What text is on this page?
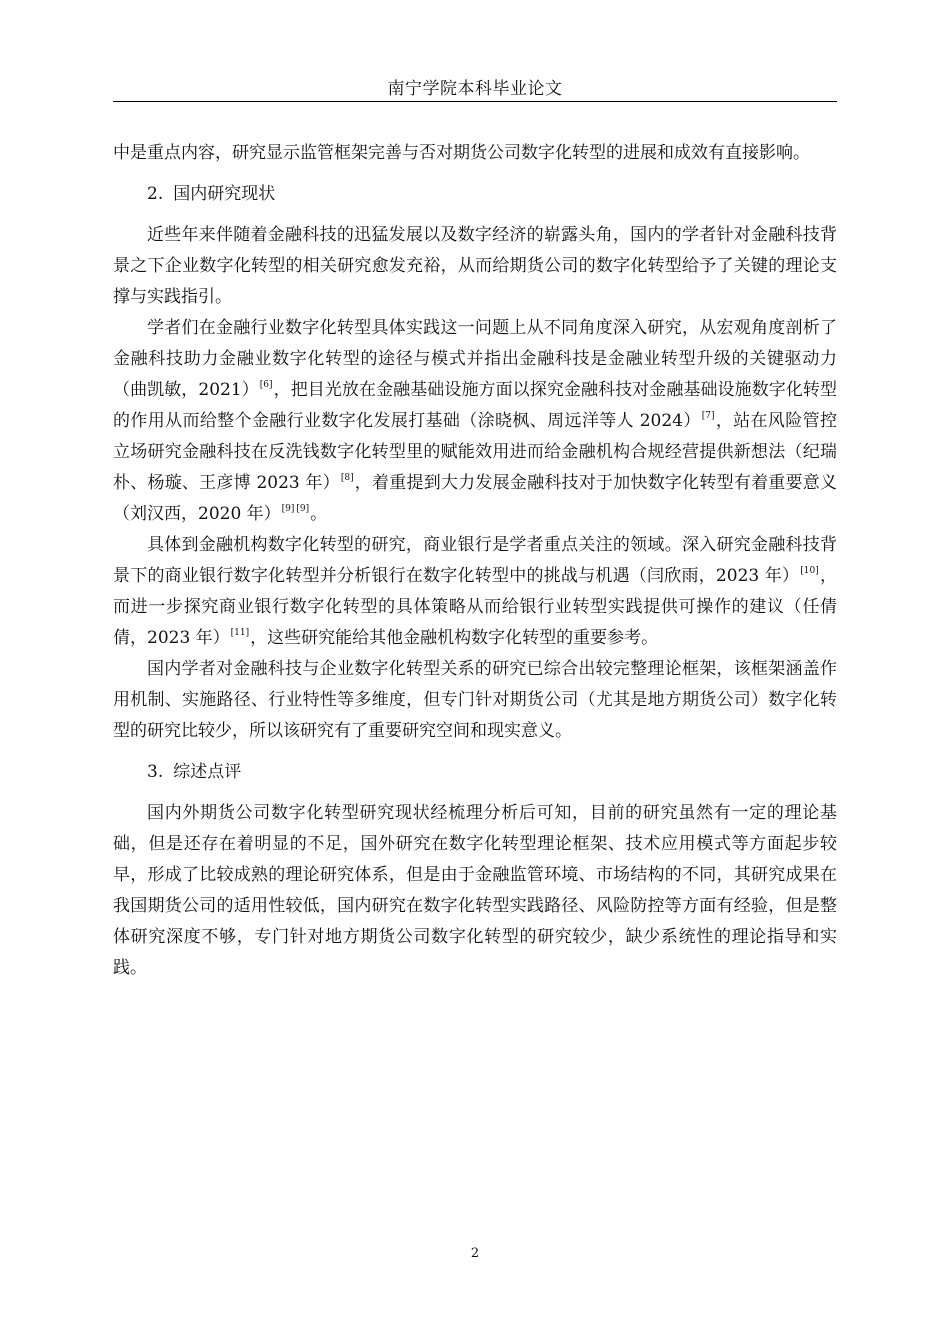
南宁学院本科毕业论文

中是重点内容，研究显示监管框架完善与否对期货公司数字化转型的进展和成效有直接影响。

2. 国内研究现状

近些年来伴随着金融科技的迅猛发展以及数字经济的崭露头角，国内的学者针对金融科技背景之下企业数字化转型的相关研究愈发充裕，从而给期货公司的数字化转型给予了关键的理论支撑与实践指引。

学者们在金融行业数字化转型具体实践这一问题上从不同角度深入研究，从宏观角度剖析了金融科技助力金融业数字化转型的途径与模式并指出金融科技是金融业转型升级的关键驱动力（曲凯敏，2021）[6]，把目光放在金融基础设施方面以探究金融科技对金融基础设施数字化转型的作用从而给整个金融行业数字化发展打基础（涂晓枫、周远洋等人 2024）[7]，站在风险管控立场研究金融科技在反洗钱数字化转型里的赋能效用进而给金融机构合规经营提供新想法（纪瑞朴、杨璇、王彦博 2023 年）[8]，着重提到大力发展金融科技对于加快数字化转型有着重要意义（刘汉西，2020 年）[9] [9]。

具体到金融机构数字化转型的研究，商业银行是学者重点关注的领域。深入研究金融科技背景下的商业银行数字化转型并分析银行在数字化转型中的挑战与机遇（闫欣雨，2023 年）[10]，而进一步探究商业银行数字化转型的具体策略从而给银行业转型实践提供可操作的建议（任倩倩，2023 年）[11]，这些研究能给其他金融机构数字化转型的重要参考。

国内学者对金融科技与企业数字化转型关系的研究已综合出较完整理论框架，该框架涵盖作用机制、实施路径、行业特性等多维度，但专门针对期货公司（尤其是地方期货公司）数字化转型的研究比较少，所以该研究有了重要研究空间和现实意义。

3. 综述点评

国内外期货公司数字化转型研究现状经梳理分析后可知，目前的研究虽然有一定的理论基础，但是还存在着明显的不足，国外研究在数字化转型理论框架、技术应用模式等方面起步较早，形成了比较成熟的理论研究体系，但是由于金融监管环境、市场结构的不同，其研究成果在我国期货公司的适用性较低，国内研究在数字化转型实践路径、风险防控等方面有经验，但是整体研究深度不够，专门针对地方期货公司数字化转型的研究较少，缺少系统性的理论指导和实践。

2
